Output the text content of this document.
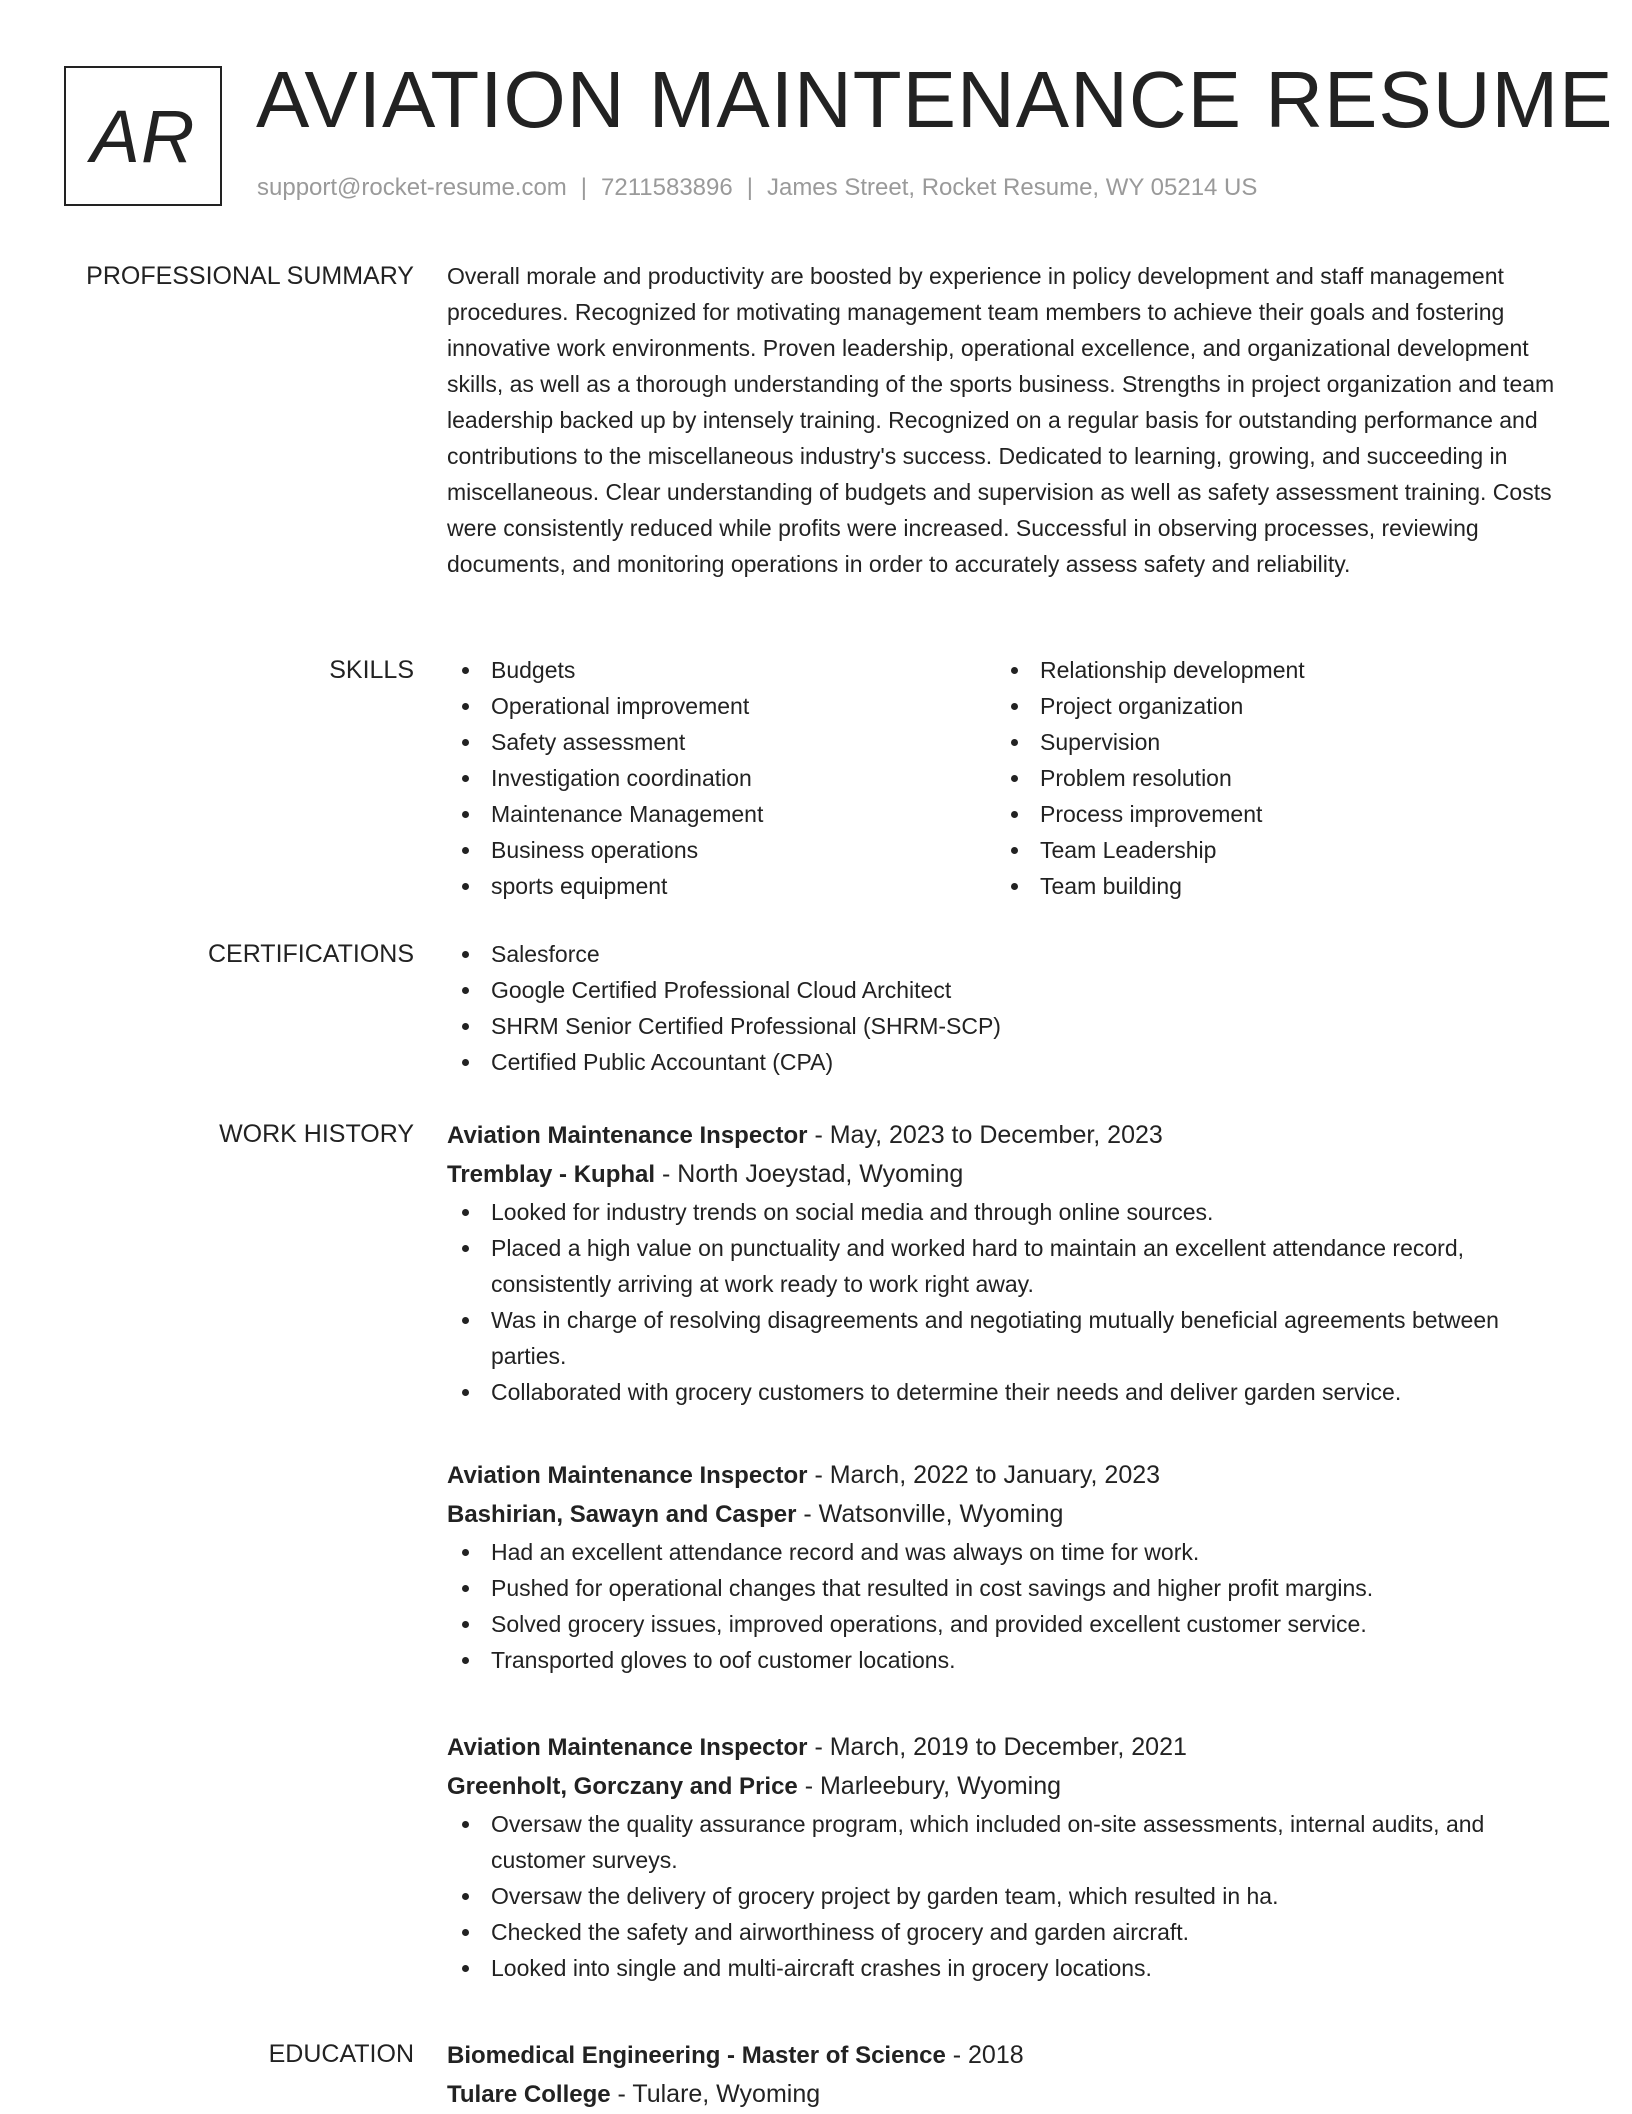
AR AVIATION MAINTENANCE RESUME
support@rocket-resume.com | 7211583896 | James Street, Rocket Resume, WY 05214 US
PROFESSIONAL SUMMARY Overall morale and productivity are boosted by experience in policy development and staff management procedures. Recognized for motivating management team members to achieve their goals and fostering innovative work environments. Proven leadership, operational excellence, and organizational development skills, as well as a thorough understanding of the sports business. Strengths in project organization and team leadership backed up by intensely training. Recognized on a regular basis for outstanding performance and contributions to the miscellaneous industry's success. Dedicated to learning, growing, and succeeding in miscellaneous. Clear understanding of budgets and supervision as well as safety assessment training. Costs were consistently reduced while profits were increased. Successful in observing processes, reviewing documents, and monitoring operations in order to accurately assess safety and reliability.

SKILLS	Budgets
Operational improvement
Safety assessment
Investigation coordination
Maintenance Management
Business operations
sports equipment
Relationship development
Project organization
Supervision
Problem resolution
Process improvement
Team Leadership
Team building
CERTIFICATIONS	Salesforce
Google Certified Professional Cloud Architect
SHRM Senior Certified Professional (SHRM-SCP)
Certified Public Accountant (CPA)
WORK HISTORY Aviation Maintenance Inspector - May, 2023 to December, 2023
Tremblay - Kuphal - North Joeystad, Wyoming
Looked for industry trends on social media and through online sources.
Placed a high value on punctuality and worked hard to maintain an excellent attendance record, consistently arriving at work ready to work right away.
Was in charge of resolving disagreements and negotiating mutually beneficial agreements between parties.
Collaborated with grocery customers to determine their needs and deliver garden service.
Aviation Maintenance Inspector - March, 2022 to January, 2023
Bashirian, Sawayn and Casper - Watsonville, Wyoming
Had an excellent attendance record and was always on time for work.
Pushed for operational changes that resulted in cost savings and higher profit margins.
Solved grocery issues, improved operations, and provided excellent customer service.
Transported gloves to oof customer locations.
Aviation Maintenance Inspector - March, 2019 to December, 2021
Greenholt, Gorczany and Price - Marleebury, Wyoming
Oversaw the quality assurance program, which included on-site assessments, internal audits, and customer surveys.
Oversaw the delivery of grocery project by garden team, which resulted in ha.
Checked the safety and airworthiness of grocery and garden aircraft.
Looked into single and multi-aircraft crashes in grocery locations.
EDUCATION Biomedical Engineering - Master of Science - 2018
Tulare College - Tulare, Wyoming
